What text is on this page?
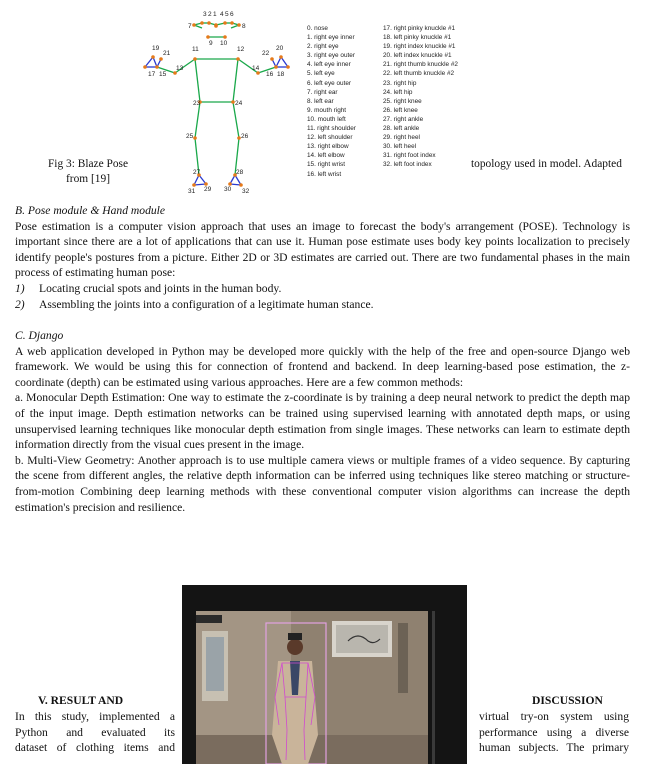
3 2 1 4 5 6
7	8
9 10
11	12
13	14
17 15	16 18
19
21	22
20
23	24
25	26
27	28
31 29 30 32
0. nose
1. right eye inner
2. right eye
3. right eye outer
4. left eye inner
5. left eye
6. left eye outer
7. right ear
8. left ear
9. mouth right
10. mouth left
11. right shoulder
12. left shoulder
13. right elbow
14. left elbow
15. right wrist
16. left wrist
17. right pinky knuckle #1
18. left pinky knuckle #1
19. right index knuckle #1
20. left index knuckle #1
21. right thumb knuckle #2
22. left thumb knuckle #2
23. right hip
24. left hip
25. right knee
26. left knee
27. right ankle
28. left ankle
29. right heel
30. left heel
31. right foot index
32. left foot index
Fig 3: Blaze Pose
from [19]
topology used in model. Adapted
B. Pose module & Hand module
Pose estimation is a computer vision approach that uses an image to forecast the body's arrangement (POSE). Technology is
important since there are a lot of applications that can use it. Human pose estimate uses body key points localization to precisely
identify people's postures from a picture. Either 2D or 3D estimates are carried out. There are two fundamental phases in the main
process of estimating human pose:
1)	Locating crucial spots and joints in the human body.
2)	Assembling the joints into a configuration of a legitimate human stance.
C. Django
A web application developed in Python may be developed more quickly with the help of the free and open-source Django web
framework. We would be using this for connection of frontend and backend. In deep learning-based pose estimation, the z-
coordinate (depth) can be estimated using various approaches. Here are a few common methods:
a. Monocular Depth Estimation: One way to estimate the z-coordinate is by training a deep neural network to predict the depth map
of the input image. Depth estimation networks can be trained using supervised learning with annotated depth maps, or using
unsupervised learning techniques like monocular depth estimation from single images. These networks can learn to estimate depth
information directly from the visual cues present in the image.
b. Multi-View Geometry: Another approach is to use multiple camera views or multiple frames of a video sequence. By capturing
the scene from different angles, the relative depth information can be inferred using techniques like stereo matching or structure-
from-motion Combining deep learning methods with these conventional computer vision algorithms can increase the depth
estimation's precision and resilience.
V. RESULT AND	DISCUSSION
In this study, implemented a
Python and evaluated its
dataset of clothing items and
virtual try-on system using
performance using a diverse
human subjects. The primary
